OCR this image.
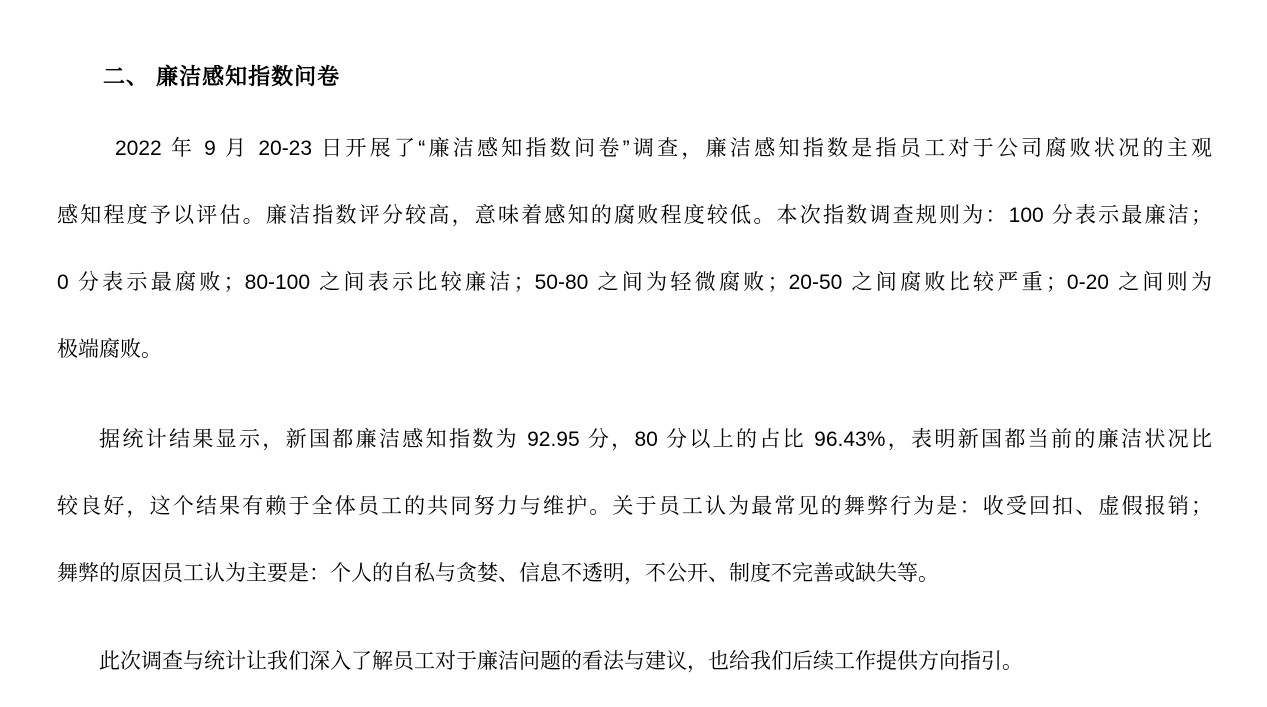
二、 廉洁感知指数问卷
2022 年 9 月 20-23 日开展了“廉洁感知指数问卷”调查，廉洁感知指数是指员工对于公司腐败状况的主观
感知程度予以评估。廉洁指数评分较高，意味着感知的腐败程度较低。本次指数调查规则为：100 分表示最廉洁；
0 分表示最腐败；80-100 之间表示比较廉洁；50-80 之间为轻微腐败；20-50 之间腐败比较严重；0-20 之间则为
极端腐败。
据统计结果显示，新国都廉洁感知指数为 92.95 分，80 分以上的占比 96.43%，表明新国都当前的廉洁状况比
较良好，这个结果有赖于全体员工的共同努力与维护。关于员工认为最常见的舞弊行为是：收受回扣、虚假报销；
舞弊的原因员工认为主要是：个人的自私与贪婪、信息不透明，不公开、制度不完善或缺失等。
此次调查与统计让我们深入了解员工对于廉洁问题的看法与建议，也给我们后续工作提供方向指引。
